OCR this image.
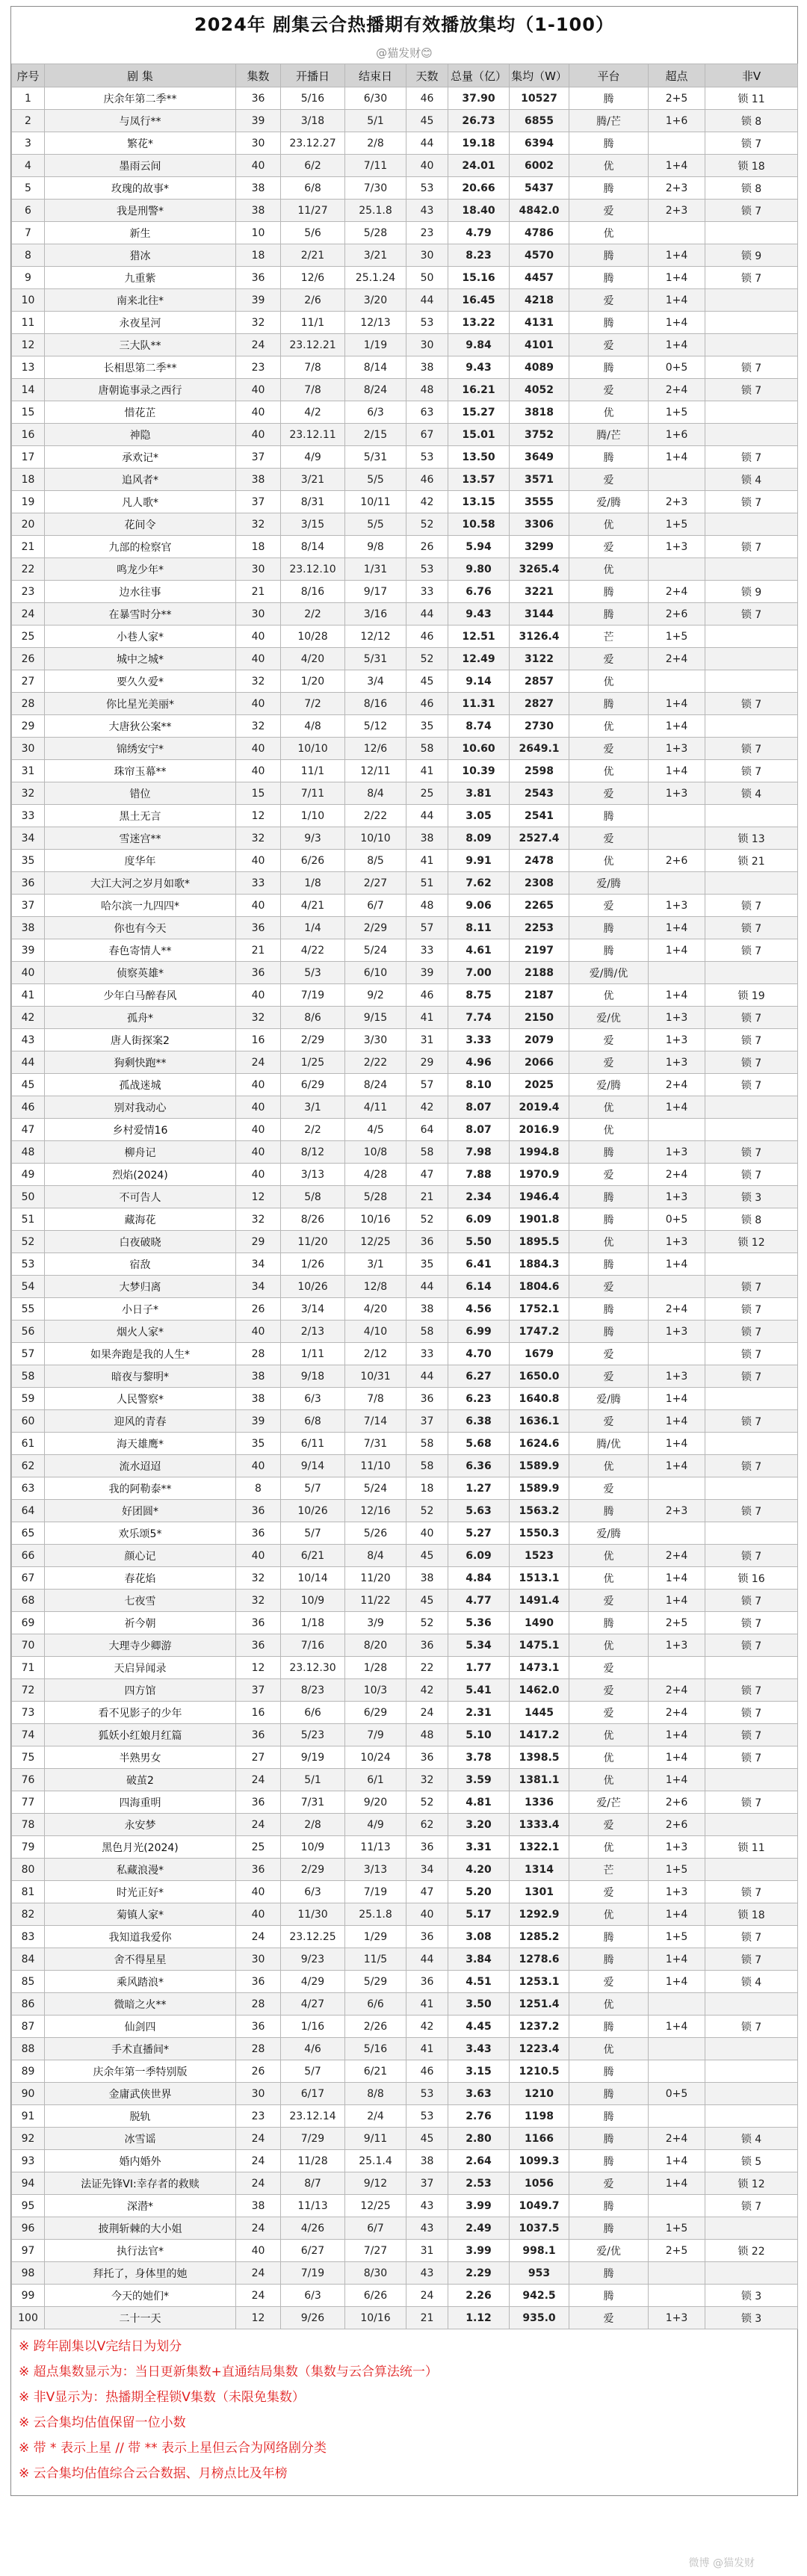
2024年 剧集云合热播期有效播放集均（1-100）
@猫发财😊
序号	剧 集	集数	开播日	结束日	天数	总量（亿）	集均（W）	平台	超点	非V
1	庆余年第二季**	36	5/16	6/30	46	37.90	10527	腾	2+5	锁 11
2	与凤行**	39	3/18	5/1	45	26.73	6855	腾/芒	1+6	锁 8
3	繁花*	30	23.12.27	2/8	44	19.18	6394	腾		锁 7
4	墨雨云间	40	6/2	7/11	40	24.01	6002	优	1+4	锁 18
5	玫瑰的故事*	38	6/8	7/30	53	20.66	5437	腾	2+3	锁 8
6	我是刑警*	38	11/27	25.1.8	43	18.40	4842.0	爱	2+3	锁 7
7	新生	10	5/6	5/28	23	4.79	4786	优		
8	猎冰	18	2/21	3/21	30	8.23	4570	腾	1+4	锁 9
9	九重紫	36	12/6	25.1.24	50	15.16	4457	腾	1+4	锁 7
10	南来北往*	39	2/6	3/20	44	16.45	4218	爱	1+4	
11	永夜星河	32	11/1	12/13	53	13.22	4131	腾	1+4	
12	三大队**	24	23.12.21	1/19	30	9.84	4101	爱	1+4	
13	长相思第二季**	23	7/8	8/14	38	9.43	4089	腾	0+5	锁 7
14	唐朝诡事录之西行	40	7/8	8/24	48	16.21	4052	爱	2+4	锁 7
15	惜花芷	40	4/2	6/3	63	15.27	3818	优	1+5	
16	神隐	40	23.12.11	2/15	67	15.01	3752	腾/芒	1+6	
17	承欢记*	37	4/9	5/31	53	13.50	3649	腾	1+4	锁 7
18	追风者*	38	3/21	5/5	46	13.57	3571	爱		锁 4
19	凡人歌*	37	8/31	10/11	42	13.15	3555	爱/腾	2+3	锁 7
20	花间令	32	3/15	5/5	52	10.58	3306	优	1+5	
21	九部的检察官	18	8/14	9/8	26	5.94	3299	爱	1+3	锁 7
22	鸣龙少年*	30	23.12.10	1/31	53	9.80	3265.4	优		
23	边水往事	21	8/16	9/17	33	6.76	3221	腾	2+4	锁 9
24	在暴雪时分**	30	2/2	3/16	44	9.43	3144	腾	2+6	锁 7
25	小巷人家*	40	10/28	12/12	46	12.51	3126.4	芒	1+5	
26	城中之城*	40	4/20	5/31	52	12.49	3122	爱	2+4	
27	要久久爱*	32	1/20	3/4	45	9.14	2857	优		
28	你比星光美丽*	40	7/2	8/16	46	11.31	2827	腾	1+4	锁 7
29	大唐狄公案**	32	4/8	5/12	35	8.74	2730	优	1+4	
30	锦绣安宁*	40	10/10	12/6	58	10.60	2649.1	爱	1+3	锁 7
31	珠帘玉幕**	40	11/1	12/11	41	10.39	2598	优	1+4	锁 7
32	错位	15	7/11	8/4	25	3.81	2543	爱	1+3	锁 4
33	黑土无言	12	1/10	2/22	44	3.05	2541	腾		
34	雪迷宫**	32	9/3	10/10	38	8.09	2527.4	爱		锁 13
35	度华年	40	6/26	8/5	41	9.91	2478	优	2+6	锁 21
36	大江大河之岁月如歌*	33	1/8	2/27	51	7.62	2308	爱/腾		
37	哈尔滨一九四四*	40	4/21	6/7	48	9.06	2265	爱	1+3	锁 7
38	你也有今天	36	1/4	2/29	57	8.11	2253	腾	1+4	锁 7
39	春色寄情人**	21	4/22	5/24	33	4.61	2197	腾	1+4	锁 7
40	侦察英雄*	36	5/3	6/10	39	7.00	2188	爱/腾/优		
41	少年白马醉春风	40	7/19	9/2	46	8.75	2187	优	1+4	锁 19
42	孤舟*	32	8/6	9/15	41	7.74	2150	爱/优	1+3	锁 7
43	唐人街探案2	16	2/29	3/30	31	3.33	2079	爱	1+3	锁 7
44	狗剩快跑**	24	1/25	2/22	29	4.96	2066	爱	1+3	锁 7
45	孤战迷城	40	6/29	8/24	57	8.10	2025	爱/腾	2+4	锁 7
46	别对我动心	40	3/1	4/11	42	8.07	2019.4	优	1+4	
47	乡村爱情16	40	2/2	4/5	64	8.07	2016.9	优		
48	柳舟记	40	8/12	10/8	58	7.98	1994.8	腾	1+3	锁 7
49	烈焰(2024)	40	3/13	4/28	47	7.88	1970.9	爱	2+4	锁 7
50	不可告人	12	5/8	5/28	21	2.34	1946.4	腾	1+3	锁 3
51	藏海花	32	8/26	10/16	52	6.09	1901.8	腾	0+5	锁 8
52	白夜破晓	29	11/20	12/25	36	5.50	1895.5	优	1+3	锁 12
53	宿敌	34	1/26	3/1	35	6.41	1884.3	腾	1+4	
54	大梦归离	34	10/26	12/8	44	6.14	1804.6	爱		锁 7
55	小日子*	26	3/14	4/20	38	4.56	1752.1	腾	2+4	锁 7
56	烟火人家*	40	2/13	4/10	58	6.99	1747.2	腾	1+3	锁 7
57	如果奔跑是我的人生*	28	1/11	2/12	33	4.70	1679	爱		锁 7
58	暗夜与黎明*	38	9/18	10/31	44	6.27	1650.0	爱	1+3	锁 7
59	人民警察*	38	6/3	7/8	36	6.23	1640.8	爱/腾	1+4	
60	迎风的青春	39	6/8	7/14	37	6.38	1636.1	爱	1+4	锁 7
61	海天雄鹰*	35	6/11	7/31	58	5.68	1624.6	腾/优	1+4	
62	流水迢迢	40	9/14	11/10	58	6.36	1589.9	优	1+4	锁 7
63	我的阿勒泰**	8	5/7	5/24	18	1.27	1589.9	爱		
64	好团圆*	36	10/26	12/16	52	5.63	1563.2	腾	2+3	锁 7
65	欢乐颂5*	36	5/7	5/26	40	5.27	1550.3	爱/腾		
66	颜心记	40	6/21	8/4	45	6.09	1523	优	2+4	锁 7
67	春花焰	32	10/14	11/20	38	4.84	1513.1	优	1+4	锁 16
68	七夜雪	32	10/9	11/22	45	4.77	1491.4	爱	1+4	锁 7
69	祈今朝	36	1/18	3/9	52	5.36	1490	腾	2+5	锁 7
70	大理寺少卿游	36	7/16	8/20	36	5.34	1475.1	优	1+3	锁 7
71	天启异闻录	12	23.12.30	1/28	22	1.77	1473.1	爱		
72	四方馆	37	8/23	10/3	42	5.41	1462.0	爱	2+4	锁 7
73	看不见影子的少年	16	6/6	6/29	24	2.31	1445	爱	2+4	锁 7
74	狐妖小红娘月红篇	36	5/23	7/9	48	5.10	1417.2	优	1+4	锁 7
75	半熟男女	27	9/19	10/24	36	3.78	1398.5	优	1+4	锁 7
76	破茧2	24	5/1	6/1	32	3.59	1381.1	优	1+4	
77	四海重明	36	7/31	9/20	52	4.81	1336	爱/芒	2+6	锁 7
78	永安梦	24	2/8	4/9	62	3.20	1333.4	爱	2+6	
79	黑色月光(2024)	25	10/9	11/13	36	3.31	1322.1	优	1+3	锁 11
80	私藏浪漫*	36	2/29	3/13	34	4.20	1314	芒	1+5	
81	时光正好*	40	6/3	7/19	47	5.20	1301	爱	1+3	锁 7
82	菊镇人家*	40	11/30	25.1.8	40	5.17	1292.9	优	1+4	锁 18
83	我知道我爱你	24	23.12.25	1/29	36	3.08	1285.2	腾	1+5	锁 7
84	舍不得星星	30	9/23	11/5	44	3.84	1278.6	腾	1+4	锁 7
85	乘风踏浪*	36	4/29	5/29	36	4.51	1253.1	爱	1+4	锁 4
86	微暗之火**	28	4/27	6/6	41	3.50	1251.4	优		
87	仙剑四	36	1/16	2/26	42	4.45	1237.2	腾	1+4	锁 7
88	手术直播间*	28	4/6	5/16	41	3.43	1223.4	优		
89	庆余年第一季特别版	26	5/7	6/21	46	3.15	1210.5	腾		
90	金庸武侠世界	30	6/17	8/8	53	3.63	1210	腾	0+5	
91	脱轨	23	23.12.14	2/4	53	2.76	1198	腾		
92	冰雪谣	24	7/29	9/11	45	2.80	1166	腾	2+4	锁 4
93	婚内婚外	24	11/28	25.1.4	38	2.64	1099.3	腾	1+4	锁 5
94	法证先锋VI:幸存者的救赎	24	8/7	9/12	37	2.53	1056	爱	1+4	锁 12
95	深潜*	38	11/13	12/25	43	3.99	1049.7	腾		锁 7
96	披荆斩棘的大小姐	24	4/26	6/7	43	2.49	1037.5	腾	1+5	
97	执行法官*	40	6/27	7/27	31	3.99	998.1	爱/优	2+5	锁 22
98	拜托了，身体里的她	24	7/19	8/30	43	2.29	953	腾		
99	今天的她们*	24	6/3	6/26	24	2.26	942.5	腾		锁 3
100	二十一天	12	9/26	10/16	21	1.12	935.0	爱	1+3	锁 3
※ 跨年剧集以V完结日为划分
※ 超点集数显示为：当日更新集数+直通结局集数（集数与云合算法统一）
※ 非V显示为：热播期全程锁V集数（未限免集数）
※ 云合集均估值保留一位小数
※ 带 * 表示上星 // 带 ** 表示上星但云合为网络剧分类
※ 云合集均估值综合云合数据、月榜点比及年榜
微博 @猫发财
